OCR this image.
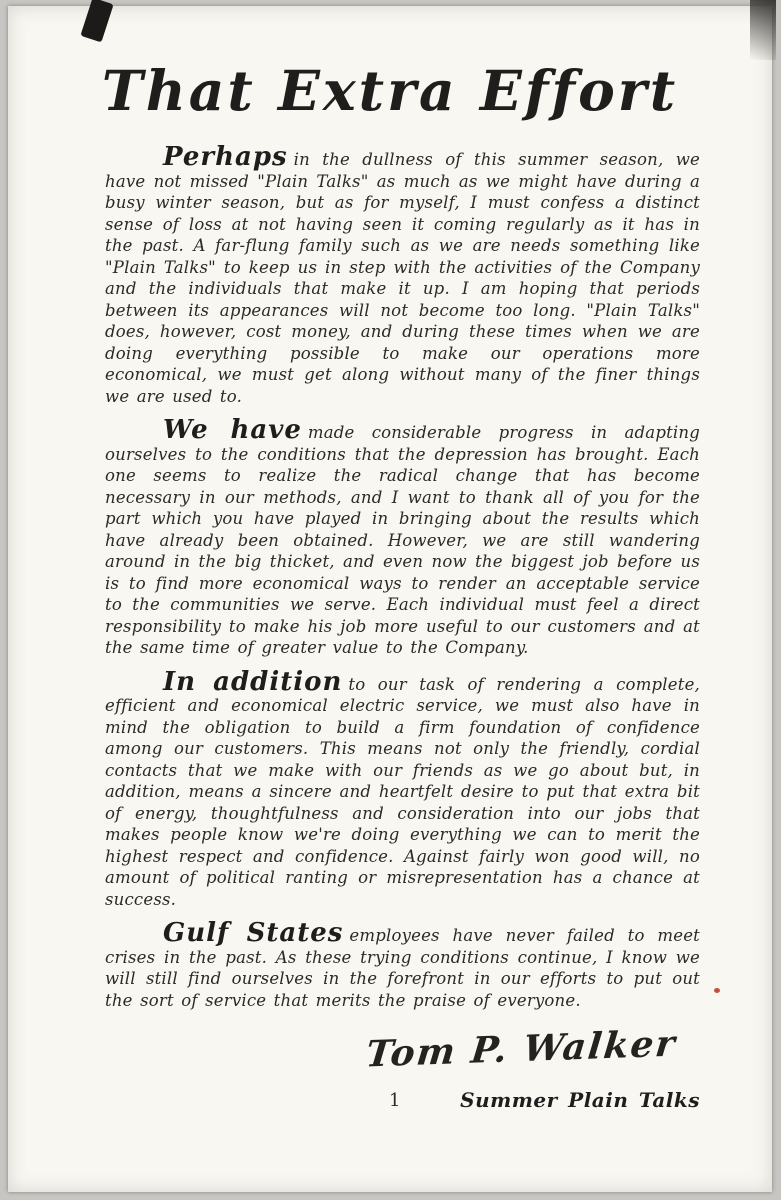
That Extra Effort

Perhaps in the dullness of this summer season, we have not missed "Plain Talks" as much as we might have during a busy winter season, but as for myself, I must confess a distinct sense of loss at not having seen it coming regularly as it has in the past. A far-flung family such as we are needs something like "Plain Talks" to keep us in step with the activities of the Company and the individuals that make it up. I am hoping that periods between its appearances will not become too long. "Plain Talks" does, however, cost money, and during these times when we are doing everything possible to make our operations more economical, we must get along without many of the finer things we are used to.

We have made considerable progress in adapting ourselves to the conditions that the depression has brought. Each one seems to realize the radical change that has become necessary in our methods, and I want to thank all of you for the part which you have played in bringing about the results which have already been obtained. However, we are still wandering around in the big thicket, and even now the biggest job before us is to find more economical ways to render an acceptable service to the communities we serve. Each individual must feel a direct responsibility to make his job more useful to our customers and at the same time of greater value to the Company.

In addition to our task of rendering a complete, efficient and economical electric service, we must also have in mind the obligation to build a firm foundation of confidence among our customers. This means not only the friendly, cordial contacts that we make with our friends as we go about but, in addition, means a sincere and heartfelt desire to put that extra bit of energy, thoughtfulness and consideration into our jobs that makes people know we're doing everything we can to merit the highest respect and confidence. Against fairly won good will, no amount of political ranting or misrepresentation has a chance at success.

Gulf States employees have never failed to meet crises in the past. As these trying conditions continue, I know we will still find ourselves in the forefront in our efforts to put out the sort of service that merits the praise of everyone.

Tom P. Walker
1	Summer Plain Talks
